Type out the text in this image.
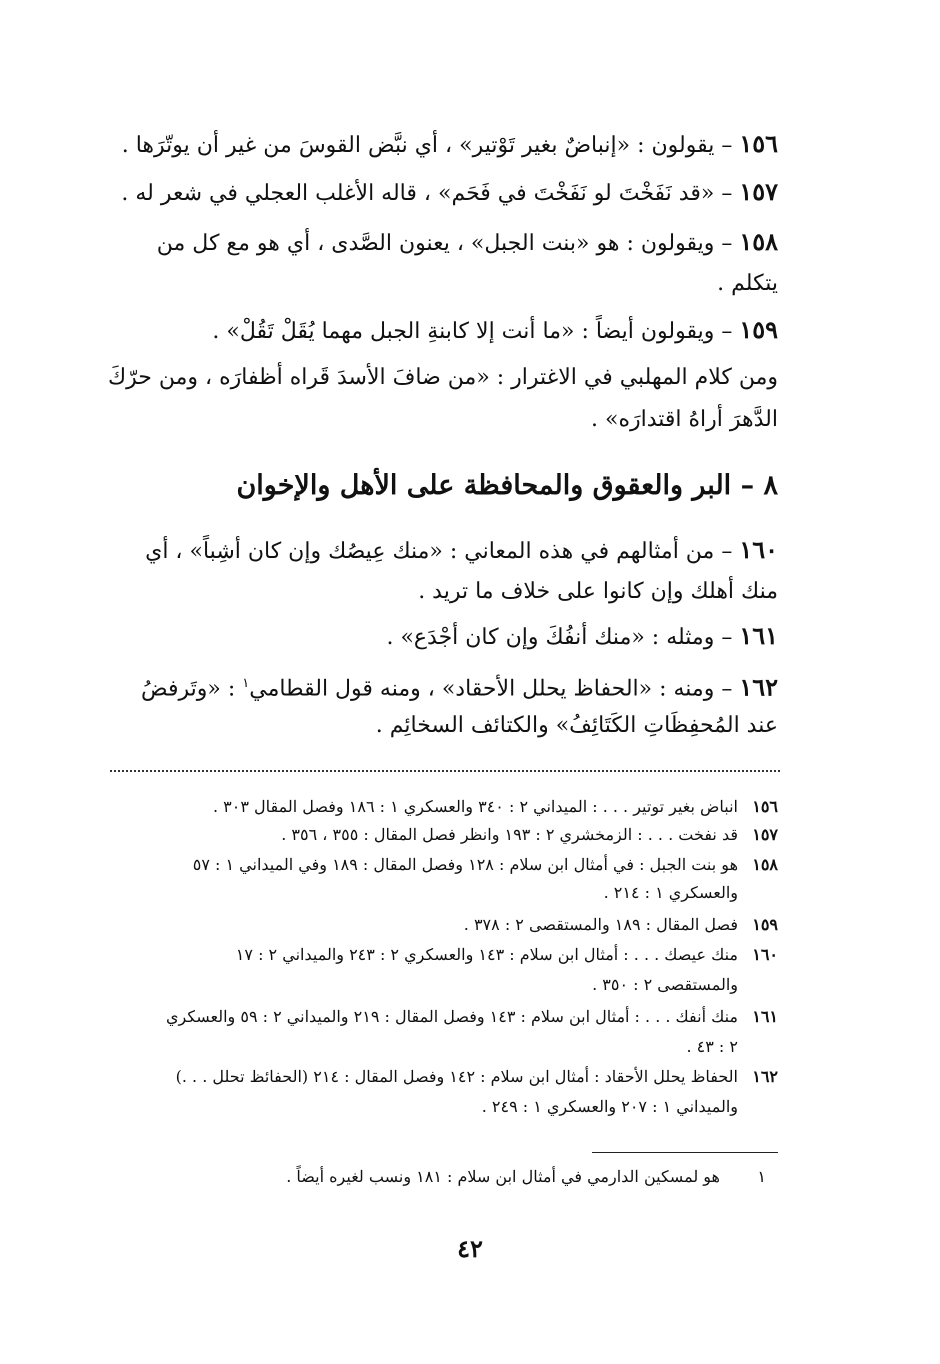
١٥٦ – يقولون : «إنباضٌ بغير تَوْتير» ، أي نبَّض القوسَ من غير أن يوتّرَها .
١٥٧ – «قد نَفَخْتَ لو نَفَخْتَ في فَحَم» ، قاله الأغلب العجلي في شعر له .
١٥٨ – ويقولون : هو «بنت الجبل» ، يعنون الصَّدى ، أي هو مع كل من
يتكلم .
١٥٩ – ويقولون أيضاً : «ما أنت إلا كابنةِ الجبل مهما يُقَلْ تَقُلْ» .
ومن كلام المهلبي في الاغترار : «من ضافَ الأسدَ قَراه أظفارَه ، ومن حرّكَ
الدَّهرَ أراهُ اقتدارَه» .
١٦٠ – من أمثالهم في هذه المعاني : «منك عِيصُك وإن كان أشِباً» ، أي
منك أهلك وإن كانوا على خلاف ما تريد .
١٦١ – ومثله : «منك أنفُكَ وإن كان أجْدَع» .
١٦٢ – ومنه : «الحفاظ يحلل الأحقاد» ، ومنه قول القطامي$^١$ : «وتَرفضُ
عند المُحفِظَاتِ الكَتَائِفُ» والكتائف السخائِم .
٨ – البر والعقوق والمحافظة على الأهل والإخوان
١٥٦انباض بغير توتير . . . : الميداني ٢ : ٣٤٠ والعسكري ١ : ١٨٦ وفصل المقال ٣٠٣ .
١٥٧قد نفخت . . . : الزمخشري ٢ : ١٩٣ وانظر فصل المقال : ٣٥٥ ، ٣٥٦ .
١٥٨هو بنت الجبل : في أمثال ابن سلام : ١٢٨ وفصل المقال : ١٨٩ وفي الميداني ١ : ٥٧
والعسكري ١ : ٢١٤ .
١٥٩فصل المقال : ١٨٩ والمستقصى ٢ : ٣٧٨ .
١٦٠منك عيصك . . . : أمثال ابن سلام : ١٤٣ والعسكري ٢ : ٢٤٣ والميداني ٢ : ١٧
والمستقصى ٢ : ٣٥٠ .
١٦١منك أنفك . . . : أمثال ابن سلام : ١٤٣ وفصل المقال : ٢١٩ والميداني ٢ : ٥٩ والعسكري
٢ : ٤٣ .
١٦٢الحفاظ يحلل الأحقاد : أمثال ابن سلام : ١٤٢ وفصل المقال : ٢١٤ (الحفائظ تحلل . . .)
والميداني ١ : ٢٠٧ والعسكري ١ : ٢٤٩ .
١هو لمسكين الدارمي في أمثال ابن سلام : ١٨١ ونسب لغيره أيضاً .
٤٢
